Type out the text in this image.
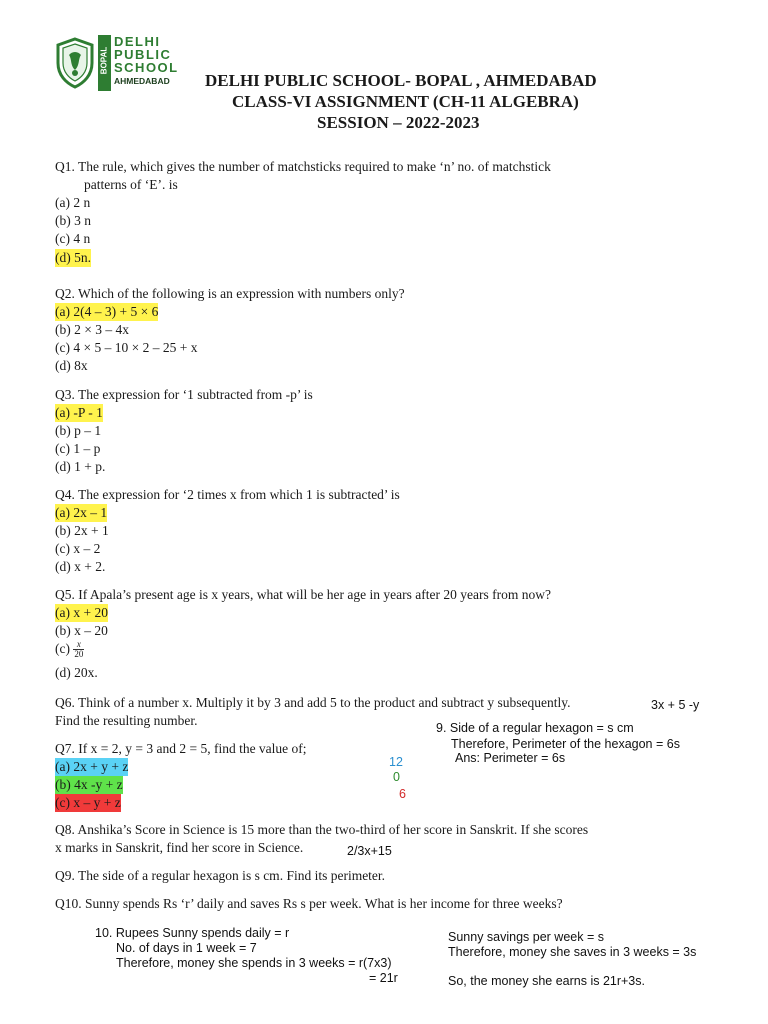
BOPAL
DELHI
PUBLIC
SCHOOL
AHMEDABAD DELHI PUBLIC SCHOOL- BOPAL , AHMEDABAD
CLASS-VI ASSIGNMENT (CH-11 ALGEBRA)
SESSION – 2022-2023
Q1. The rule, which gives the number of matchsticks required to make ‘n’ no. of matchstick
patterns of ‘E’. is
(a) 2 n
(b) 3 n
(c) 4 n
(d) 5n.
Q2. Which of the following is an expression with numbers only?
(a) 2(4 – 3) + 5 × 6
(b) 2 × 3 – 4x
(c) 4 × 5 – 10 × 2 – 25 + x
(d) 8x
Q3. The expression for ‘1 subtracted from -p’ is
(a) -P - 1
(b) p – 1
(c) 1 – p
(d) 1 + p.
Q4. The expression for ‘2 times x from which 1 is subtracted’ is
(a) 2x – 1
(b) 2x + 1
(c) x – 2
(d) x + 2.
Q5. If Apala’s present age is x years, what will be her age in years after 20 years from now?
(a) x + 20
(b) x – 20
$(c) \frac{x}{20}$
(d) 20x.
Q6. Think of a number x. Multiply it by 3 and add 5 to the product and subtract y subsequently.	3x + 5 -y
Find the resulting number.	9. Side of a regular hexagon = s cm
Therefore, Perimeter of the hexagon = 6s
Ans: Perimeter = 6s
Q7. If x = 2, y = 3 and 2 = 5, find the value of;
(a) 2x + y + z
(b) 4x -y + z
(c) x – y + z
12
0
6
Q8. Anshika’s Score in Science is 15 more than the two-third of her score in Sanskrit. If she scores
x marks in Sanskrit, find her score in Science.	2/3x+15
Q9. The side of a regular hexagon is s cm. Find its perimeter.
Q10. Sunny spends Rs ‘r’ daily and saves Rs s per week. What is her income for three weeks?
10. Rupees Sunny spends daily = r
No. of days in 1 week = 7
Therefore, money she spends in 3 weeks = r(7x3)
= 21r
Sunny savings per week = s
Therefore, money she saves in 3 weeks = 3s
So, the money she earns is 21r+3s.
